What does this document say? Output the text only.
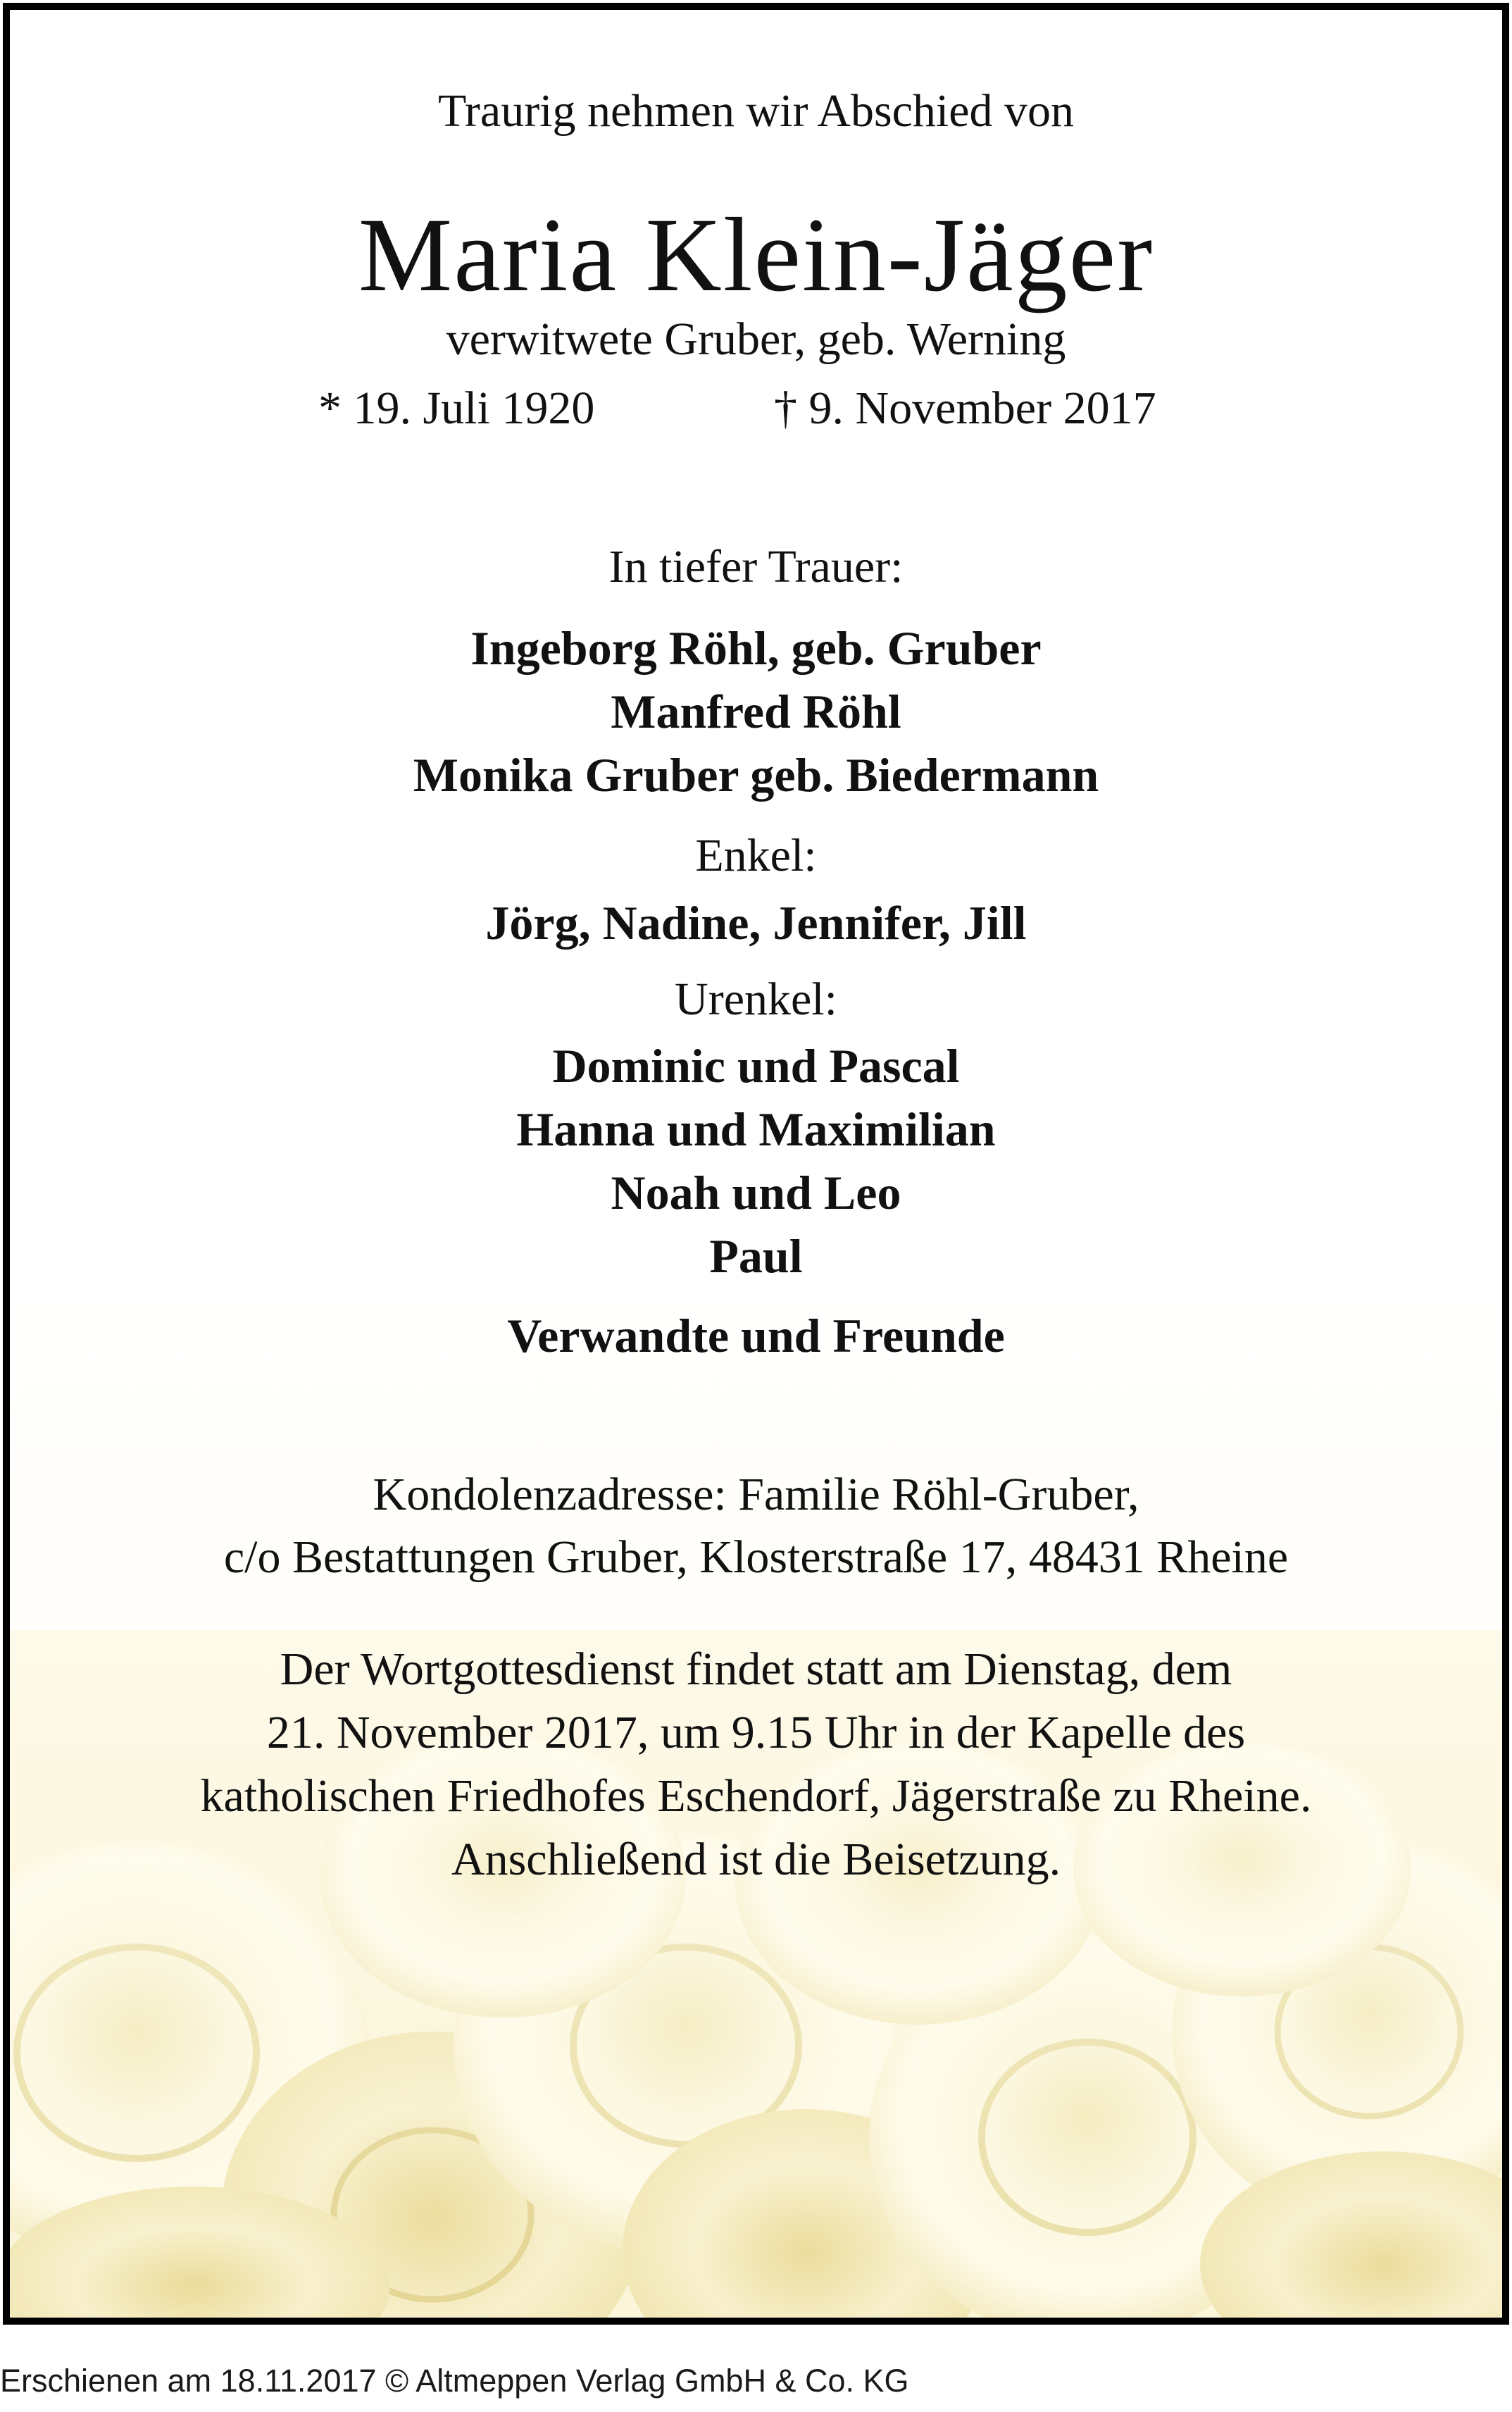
Traurig nehmen wir Abschied von
Maria Klein-Jäger
verwitwete Gruber, geb. Werning
* 19. Juli 1920	† 9. November 2017
In tiefer Trauer:
Ingeborg Röhl, geb. Gruber
Manfred Röhl
Monika Gruber geb. Biedermann
Enkel:
Jörg, Nadine, Jennifer, Jill
Urenkel:
Dominic und Pascal
Hanna und Maximilian
Noah und Leo
Paul
Verwandte und Freunde
Kondolenzadresse: Familie Röhl-Gruber,
c/o Bestattungen Gruber, Klosterstraße 17, 48431 Rheine
Der Wortgottesdienst findet statt am Dienstag, dem
21. November 2017, um 9.15 Uhr in der Kapelle des
katholischen Friedhofes Eschendorf, Jägerstraße zu Rheine.
Anschließend ist die Beisetzung.
Erschienen am 18.11.2017 © Altmeppen Verlag GmbH & Co. KG
